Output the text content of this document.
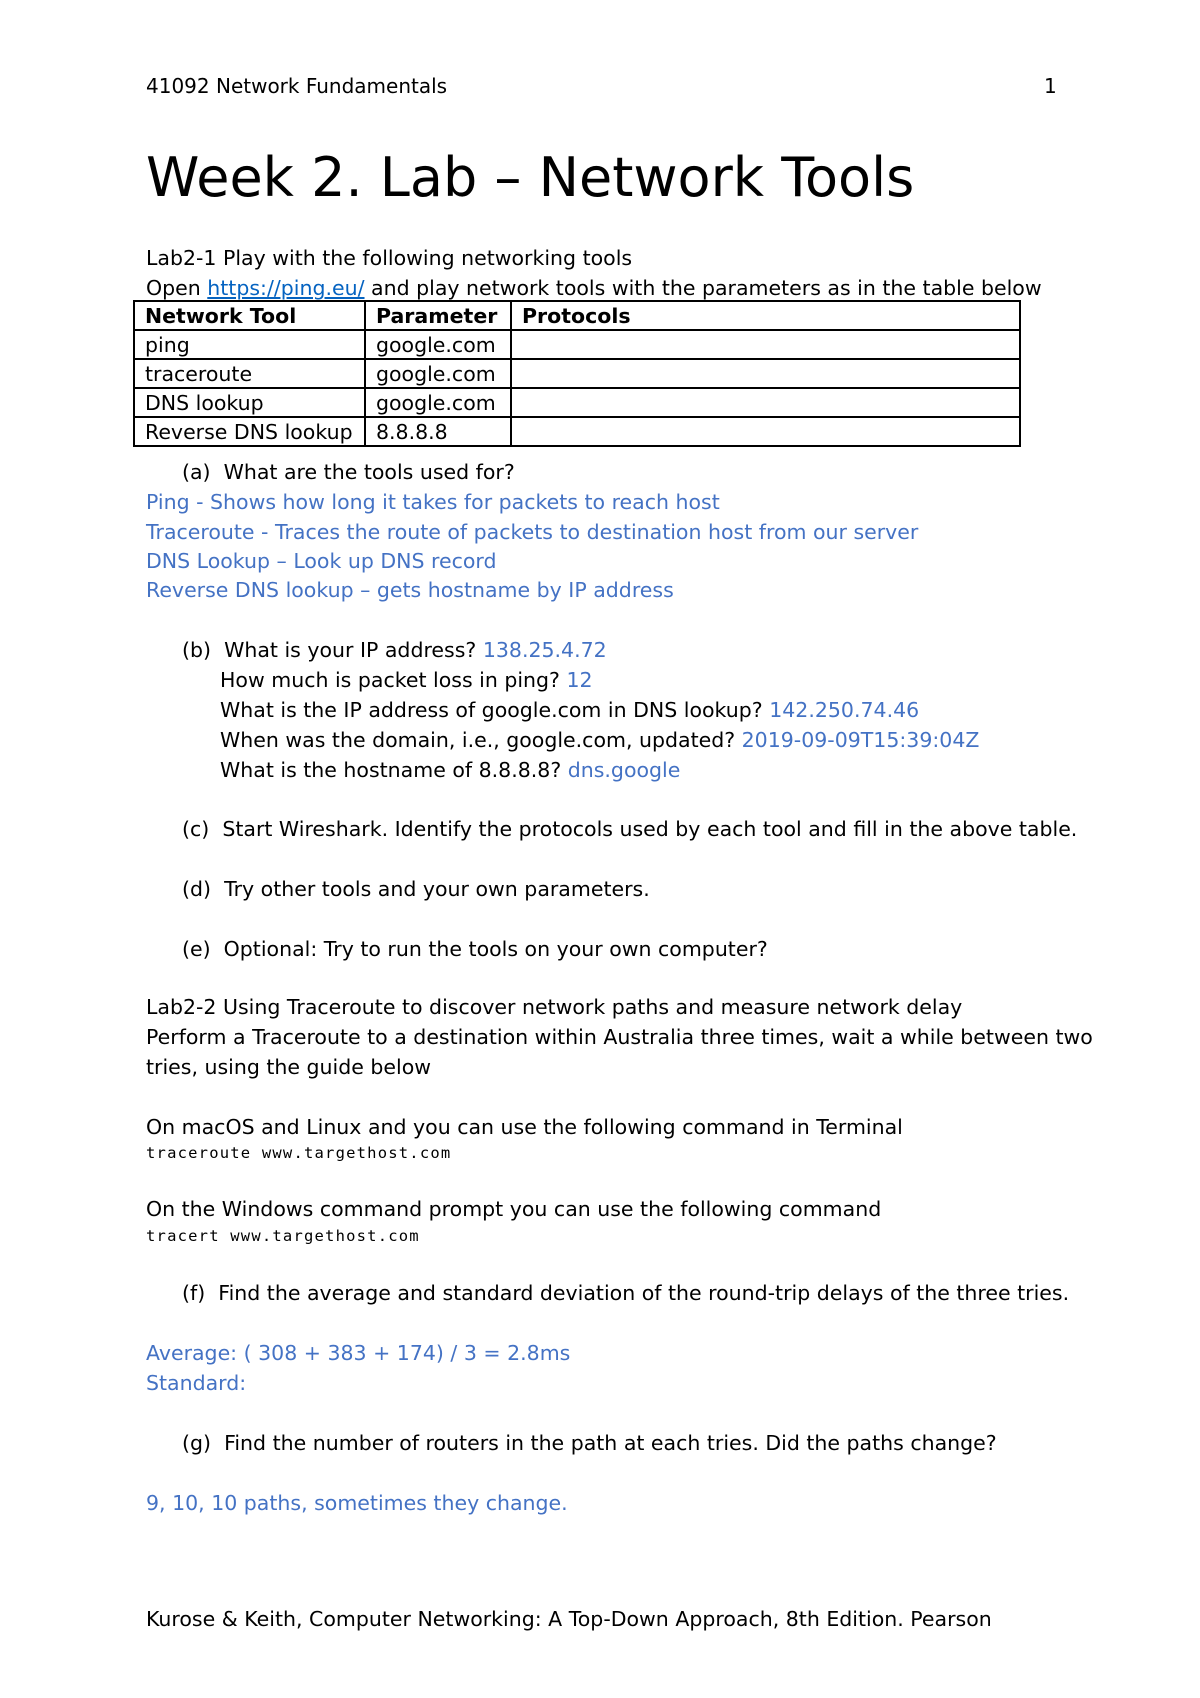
41092 Network Fundamentals	1
Week 2. Lab – Network Tools
Lab2-1 Play with the following networking tools
Open https://ping.eu/ and play network tools with the parameters as in the table below
Network Tool	Parameter	Protocols
ping	google.com	
traceroute	google.com	
DNS lookup	google.com	
Reverse DNS lookup	8.8.8.8	
(a) What are the tools used for?
Ping - Shows how long it takes for packets to reach host
Traceroute - Traces the route of packets to destination host from our server
DNS Lookup – Look up DNS record
Reverse DNS lookup – gets hostname by IP address
(b) What is your IP address? 138.25.4.72
How much is packet loss in ping? 12
What is the IP address of google.com in DNS lookup? 142.250.74.46
When was the domain, i.e., google.com, updated? 2019-09-09T15:39:04Z
What is the hostname of 8.8.8.8? dns.google
(c) Start Wireshark. Identify the protocols used by each tool and fill in the above table.
(d) Try other tools and your own parameters.
(e) Optional: Try to run the tools on your own computer?
Lab2-2 Using Traceroute to discover network paths and measure network delay
Perform a Traceroute to a destination within Australia three times, wait a while between two
tries, using the guide below
On macOS and Linux and you can use the following command in Terminal
traceroute www.targethost.com
On the Windows command prompt you can use the following command
tracert www.targethost.com
(f) Find the average and standard deviation of the round-trip delays of the three tries.
Average: ( 308 + 383 + 174) / 3 = 2.8ms
Standard:
(g) Find the number of routers in the path at each tries. Did the paths change?
9, 10, 10 paths, sometimes they change.
Kurose & Keith, Computer Networking: A Top-Down Approach, 8th Edition. Pearson
